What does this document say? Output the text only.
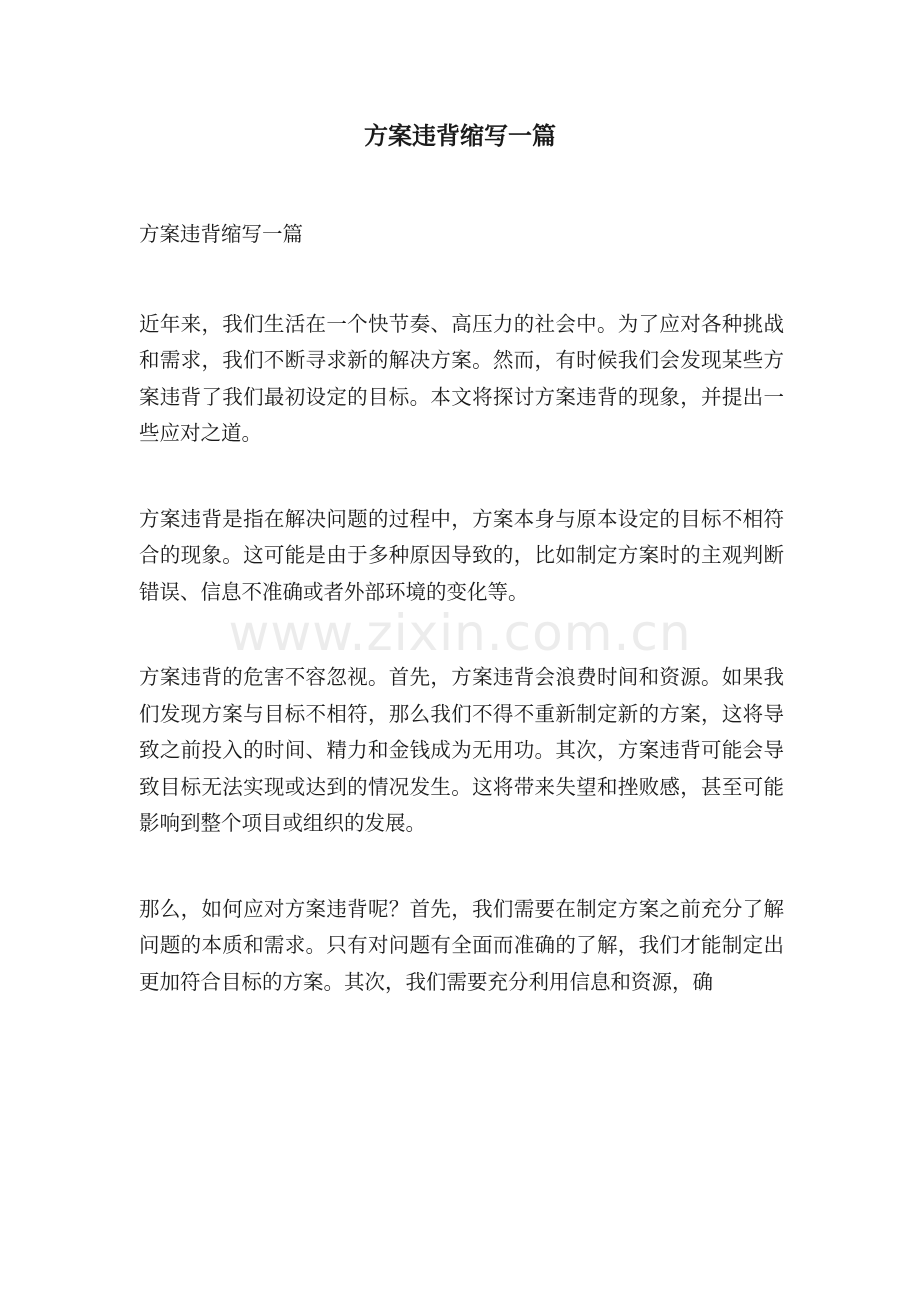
方案违背缩写一篇

方案违背缩写一篇

近年来，我们生活在一个快节奏、高压力的社会中。为了应对各种挑战和需求，我们不断寻求新的解决方案。然而，有时候我们会发现某些方案违背了我们最初设定的目标。本文将探讨方案违背的现象，并提出一些应对之道。

方案违背是指在解决问题的过程中，方案本身与原本设定的目标不相符合的现象。这可能是由于多种原因导致的，比如制定方案时的主观判断错误、信息不准确或者外部环境的变化等。

方案违背的危害不容忽视。首先，方案违背会浪费时间和资源。如果我们发现方案与目标不相符，那么我们不得不重新制定新的方案，这将导致之前投入的时间、精力和金钱成为无用功。其次，方案违背可能会导致目标无法实现或达到的情况发生。这将带来失望和挫败感，甚至可能影响到整个项目或组织的发展。

那么，如何应对方案违背呢？首先，我们需要在制定方案之前充分了解问题的本质和需求。只有对问题有全面而准确的了解，我们才能制定出更加符合目标的方案。其次，我们需要充分利用信息和资源，确

www.zixin.com.cn
